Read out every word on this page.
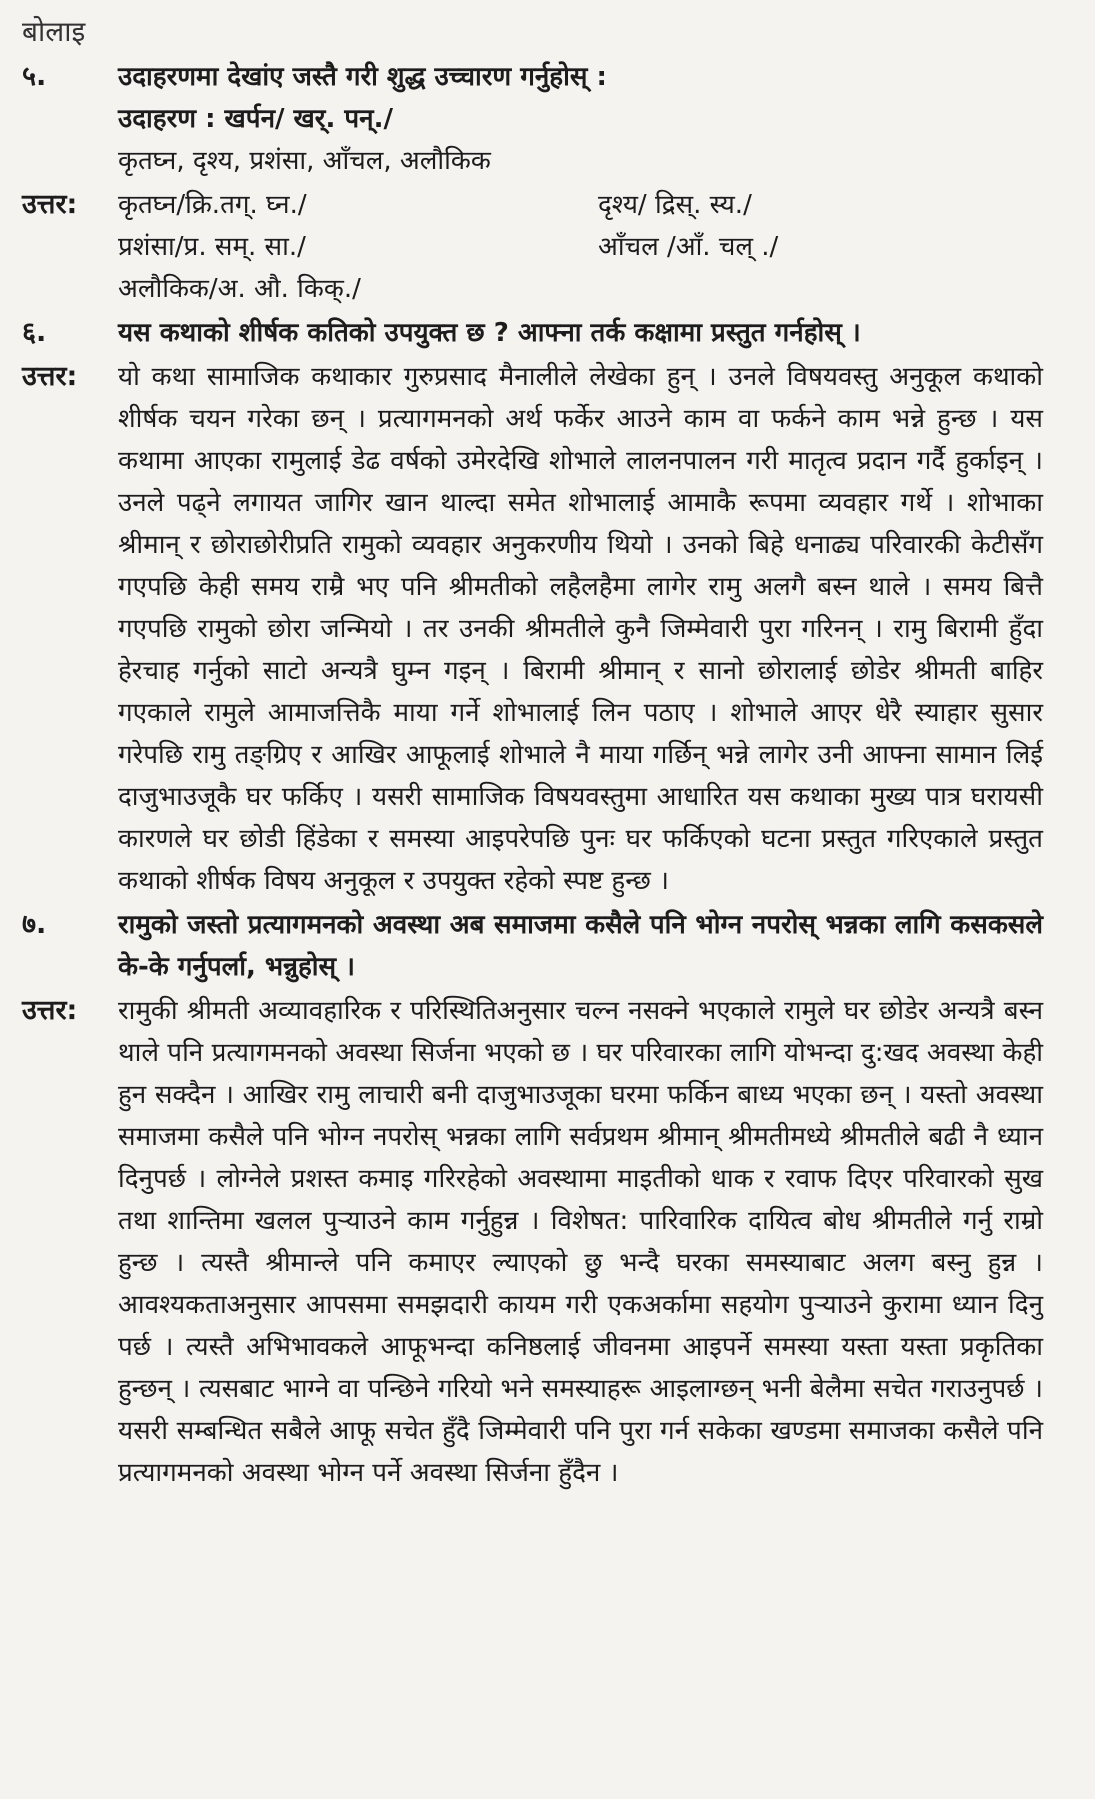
बोलाइ
५.	उदाहरणमा देखांए जस्तै गरी शुद्ध उच्चारण गर्नुहोस् :
उदाहरण : खर्पन/ खर्. पन्./
कृतघ्न, दृश्य, प्रशंसा, आँचल, अलौकिक
उत्तर:	कृतघ्न/क्रि.तग्. घ्न./	दृश्य/ द्रिस्. स्य./
प्रशंसा/प्र. सम्. सा./	आँचल /आँ. चल् ./
अलौकिक/अ. औ. किक्./
६.	यस कथाको शीर्षक कतिको उपयुक्त छ ? आफ्ना तर्क कक्षामा प्रस्तुत गर्नहोस् ।
उत्तर:	यो कथा सामाजिक कथाकार गुरुप्रसाद मैनालीले लेखेका हुन् । उनले विषयवस्तु अनुकूल कथाको शीर्षक चयन गरेका छन् । प्रत्यागमनको अर्थ फर्केर आउने काम वा फर्कने काम भन्ने हुन्छ । यस कथामा आएका रामुलाई डेढ वर्षको उमेरदेखि शोभाले लालनपालन गरी मातृत्व प्रदान गर्दै हुर्काइन् । उनले पढ्ने लगायत जागिर खान थाल्दा समेत शोभालाई आमाकै रूपमा व्यवहार गर्थे । शोभाका श्रीमान् र छोराछोरीप्रति रामुको व्यवहार अनुकरणीय थियो । उनको बिहे धनाढ्य परिवारकी केटीसँग गएपछि केही समय राम्रै भए पनि श्रीमतीको लहैलहैमा लागेर रामु अलगै बस्न थाले । समय बित्तै गएपछि रामुको छोरा जन्मियो । तर उनकी श्रीमतीले कुनै जिम्मेवारी पुरा गरिनन् । रामु बिरामी हुँदा हेरचाह गर्नुको साटो अन्यत्रै घुम्न गइन् । बिरामी श्रीमान् र सानो छोरालाई छोडेर श्रीमती बाहिर गएकाले रामुले आमाजत्तिकै माया गर्ने शोभालाई लिन पठाए । शोभाले आएर धेरै स्याहार सुसार गरेपछि रामु तङ्ग्रिए र आखिर आफूलाई शोभाले नै माया गर्छिन् भन्ने लागेर उनी आफ्ना सामान लिई दाजुभाउजूकै घर फर्किए । यसरी सामाजिक विषयवस्तुमा आधारित यस कथाका मुख्य पात्र घरायसी कारणले घर छोडी हिंडेका र समस्या आइपरेपछि पुनः घर फर्किएको घटना प्रस्तुत गरिएकाले प्रस्तुत कथाको शीर्षक विषय अनुकूल र उपयुक्त रहेको स्पष्ट हुन्छ ।
७.	रामुको जस्तो प्रत्यागमनको अवस्था अब समाजमा कसैले पनि भोग्न नपरोस् भन्नका लागि कसकसले के-के गर्नुपर्ला, भन्नुहोस् ।
उत्तर:	रामुकी श्रीमती अव्यावहारिक र परिस्थितिअनुसार चल्न नसक्ने भएकाले रामुले घर छोडेर अन्यत्रै बस्न थाले पनि प्रत्यागमनको अवस्था सिर्जना भएको छ । घर परिवारका लागि योभन्दा दु:खद अवस्था केही हुन सक्दैन । आखिर रामु लाचारी बनी दाजुभाउजूका घरमा फर्किन बाध्य भएका छन् । यस्तो अवस्था समाजमा कसैले पनि भोग्न नपरोस् भन्नका लागि सर्वप्रथम श्रीमान् श्रीमतीमध्ये श्रीमतीले बढी नै ध्यान दिनुपर्छ । लोग्नेले प्रशस्त कमाइ गरिरहेको अवस्थामा माइतीको धाक र रवाफ दिएर परिवारको सुख तथा शान्तिमा खलल पुऱ्याउने काम गर्नुहुन्न । विशेषत: पारिवारिक दायित्व बोध श्रीमतीले गर्नु राम्रो हुन्छ । त्यस्तै श्रीमान्ले पनि कमाएर ल्याएको छु भन्दै घरका समस्याबाट अलग बस्नु हुन्न । आवश्यकताअनुसार आपसमा समझदारी कायम गरी एकअर्कामा सहयोग पुऱ्याउने कुरामा ध्यान दिनु पर्छ । त्यस्तै अभिभावकले आफूभन्दा कनिष्ठलाई जीवनमा आइपर्ने समस्या यस्ता यस्ता प्रकृतिका हुन्छन् । त्यसबाट भाग्ने वा पन्छिने गरियो भने समस्याहरू आइलाग्छन् भनी बेलैमा सचेत गराउनुपर्छ । यसरी सम्बन्धित सबैले आफू सचेत हुँदै जिम्मेवारी पनि पुरा गर्न सकेका खण्डमा समाजका कसैले पनि प्रत्यागमनको अवस्था भोग्न पर्ने अवस्था सिर्जना हुँदैन ।
